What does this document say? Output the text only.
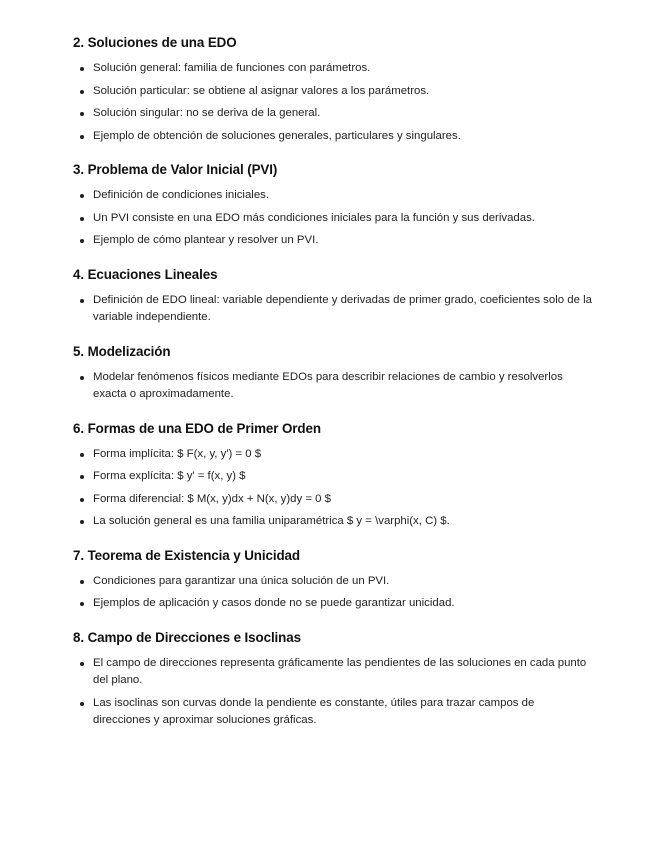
2. Soluciones de una EDO
Solución general: familia de funciones con parámetros.
Solución particular: se obtiene al asignar valores a los parámetros.
Solución singular: no se deriva de la general.
Ejemplo de obtención de soluciones generales, particulares y singulares.
3. Problema de Valor Inicial (PVI)
Definición de condiciones iniciales.
Un PVI consiste en una EDO más condiciones iniciales para la función y sus derivadas.
Ejemplo de cómo plantear y resolver un PVI.
4. Ecuaciones Lineales
Definición de EDO lineal: variable dependiente y derivadas de primer grado, coeficientes solo de la variable independiente.
5. Modelización
Modelar fenómenos físicos mediante EDOs para describir relaciones de cambio y resolverlos exacta o aproximadamente.
6. Formas de una EDO de Primer Orden
Forma implícita: $ F(x, y, y') = 0 $
Forma explícita: $ y' = f(x, y) $
Forma diferencial: $ M(x, y)dx + N(x, y)dy = 0 $
La solución general es una familia uniparamétrica $ y = \varphi(x, C) $.
7. Teorema de Existencia y Unicidad
Condiciones para garantizar una única solución de un PVI.
Ejemplos de aplicación y casos donde no se puede garantizar unicidad.
8. Campo de Direcciones e Isoclinas
El campo de direcciones representa gráficamente las pendientes de las soluciones en cada punto del plano.
Las isoclinas son curvas donde la pendiente es constante, útiles para trazar campos de direcciones y aproximar soluciones gráficas.
